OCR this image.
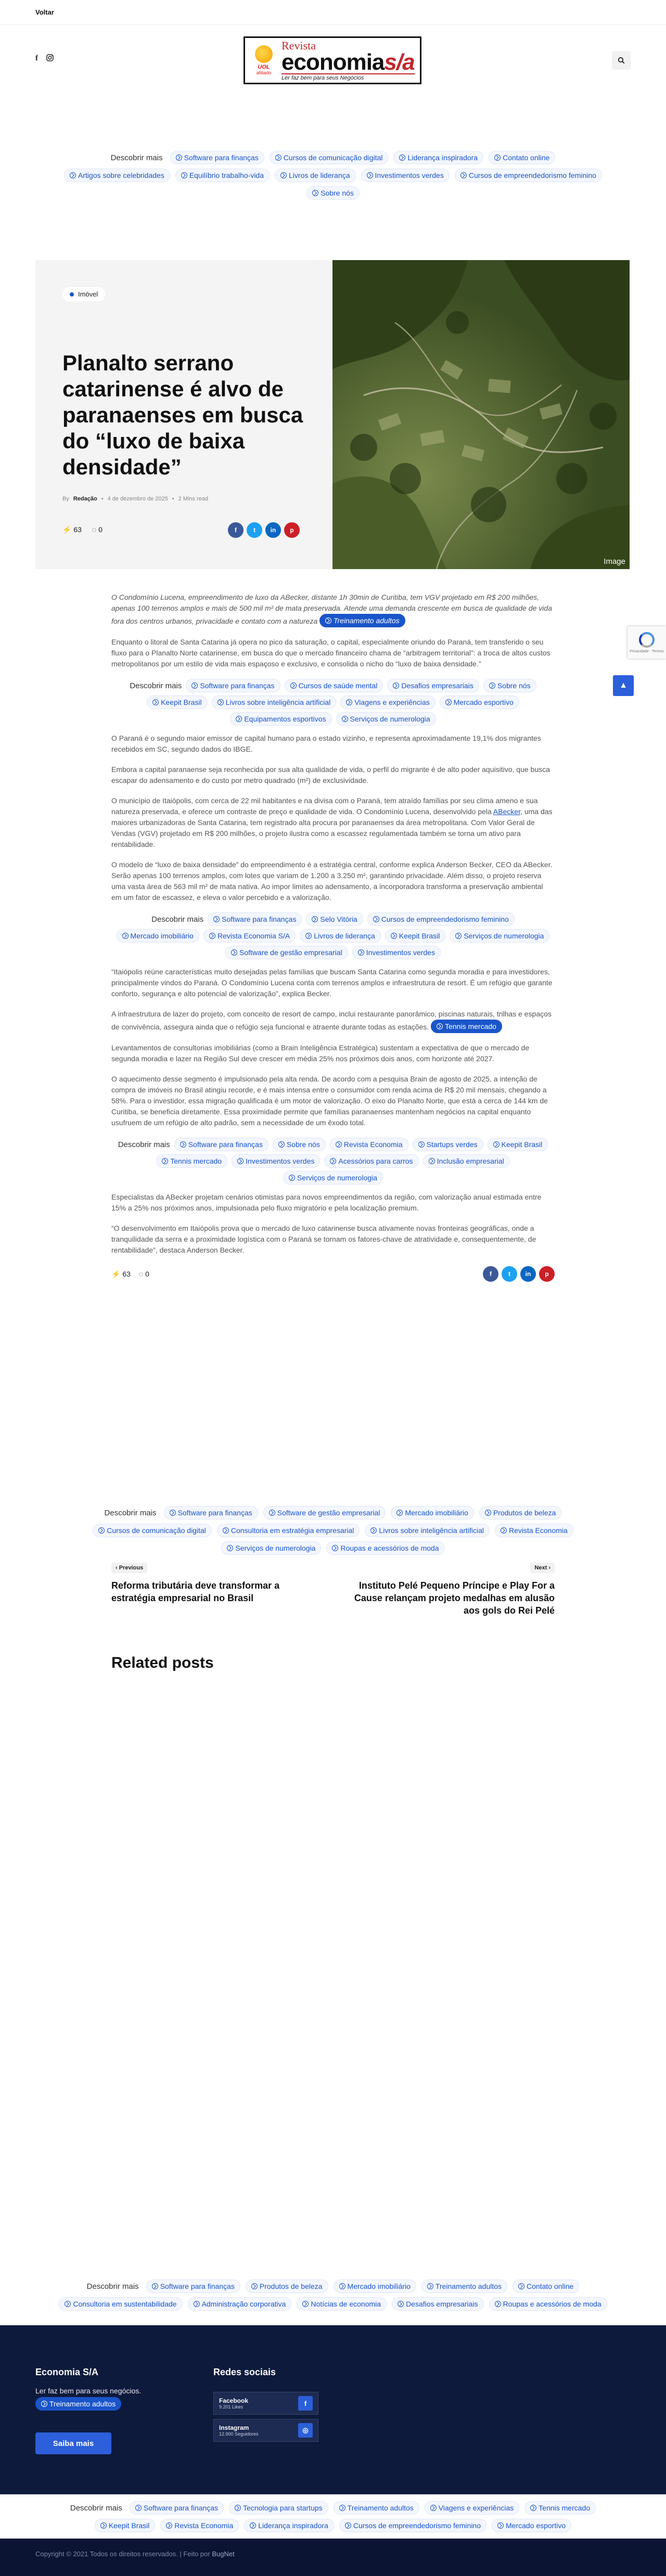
Voltar
f
UOL
afiliado
Revista
economias/a
Ler faz bem para seus Negócios
Descobrir mais	Software para finanças	Cursos de comunicação digital	Liderança inspiradora	Contato online
Artigos sobre celebridades	Equilíbrio trabalho-vida	Livros de liderança	Investimentos verdes	Cursos de empreendedorismo feminino
Sobre nós
Imóvel
Planalto serrano catarinense é alvo de paranaenses em busca do “luxo de baixa densidade”
By Redação • 4 de dezembro de 2025 • 2 Mins read
⚡ 63 ◌ 0	f	t	in	p
Image
Privacidade - Termos
▲

O Condomínio Lucena, empreendimento de luxo da ABecker, distante 1h 30min de Curitiba, tem VGV projetado em R$ 200 milhões, apenas 100 terrenos amplos e mais de 500 mil m² de mata preservada. Atende uma demanda crescente em busca de qualidade de vida fora dos centros urbanos, privacidade e contato com a natureza Treinamento adultos

Enquanto o litoral de Santa Catarina já opera no pico da saturação, o capital, especialmente oriundo do Paraná, tem transferido o seu fluxo para o Planalto Norte catarinense, em busca do que o mercado financeiro chama de “arbitragem territorial”: a troca de altos custos metropolitanos por um estilo de vida mais espaçoso e exclusivo, e consolida o nicho do “luxo de baixa densidade.”

Descobrir mais	Software para finanças	Cursos de saúde mental	Desafios empresariais	Sobre nós
Keepit Brasil	Livros sobre inteligência artificial	Viagens e experiências	Mercado esportivo
Equipamentos esportivos	Serviços de numerologia

O Paraná é o segundo maior emissor de capital humano para o estado vizinho, e representa aproximadamente 19,1% dos migrantes recebidos em SC, segundo dados do IBGE.

Embora a capital paranaense seja reconhecida por sua alta qualidade de vida, o perfil do migrante é de alto poder aquisitivo, que busca escapar do adensamento e do custo por metro quadrado (m²) de exclusividade.

O município de Itaiópolis, com cerca de 22 mil habitantes e na divisa com o Paraná, tem atraído famílias por seu clima ameno e sua natureza preservada, e oferece um contraste de preço e qualidade de vida. O Condomínio Lucena, desenvolvido pela ABecker, uma das maiores urbanizadoras de Santa Catarina, tem registrado alta procura por paranaenses da área metropolitana. Com Valor Geral de Vendas (VGV) projetado em R$ 200 milhões, o projeto ilustra como a escassez regulamentada também se torna um ativo para rentabilidade.

O modelo de “luxo de baixa densidade” do empreendimento é a estratégia central, conforme explica Anderson Becker, CEO da ABecker. Serão apenas 100 terrenos amplos, com lotes que variam de 1.200 a 3.250 m², garantindo privacidade. Além disso, o projeto reserva uma vasta área de 563 mil m² de mata nativa. Ao impor limites ao adensamento, a incorporadora transforma a preservação ambiental em um fator de escassez, e eleva o valor percebido e a valorização.

Descobrir mais	Software para finanças	Selo Vitória	Cursos de empreendedorismo feminino
Mercado imobiliário	Revista Economia S/A	Livros de liderança	Keepit Brasil	Serviços de numerologia
Software de gestão empresarial	Investimentos verdes

“Itaiópolis reúne características muito desejadas pelas famílias que buscam Santa Catarina como segunda moradia e para investidores, principalmente vindos do Paraná. O Condomínio Lucena conta com terrenos amplos e infraestrutura de resort. É um refúgio que garante conforto, segurança e alto potencial de valorização”, explica Becker.

A infraestrutura de lazer do projeto, com conceito de resort de campo, inclui restaurante panorâmico, piscinas naturais, trilhas e espaços de convivência, assegura ainda que o refúgio seja funcional e atraente durante todas as estações. Tennis mercado

Levantamentos de consultorias imobiliárias (como a Brain Inteligência Estratégica) sustentam a expectativa de que o mercado de segunda moradia e lazer na Região Sul deve crescer em média 25% nos próximos dois anos, com horizonte até 2027.

O aquecimento desse segmento é impulsionado pela alta renda. De acordo com a pesquisa Brain de agosto de 2025, a intenção de compra de imóveis no Brasil atingiu recorde, e é mais intensa entre o consumidor com renda acima de R$ 20 mil mensais, chegando a 58%. Para o investidor, essa migração qualificada é um motor de valorização. O eixo do Planalto Norte, que está a cerca de 144 km de Curitiba, se beneficia diretamente. Essa proximidade permite que famílias paranaenses mantenham negócios na capital enquanto usufruem de um refúgio de alto padrão, sem a necessidade de um êxodo total.

Descobrir mais	Software para finanças	Sobre nós	Revista Economia	Startups verdes	Keepit Brasil
Tennis mercado	Investimentos verdes	Acessórios para carros	Inclusão empresarial
Serviços de numerologia

Especialistas da ABecker projetam cenários otimistas para novos empreendimentos da região, com valorização anual estimada entre 15% a 25% nos próximos anos, impulsionada pelo fluxo migratório e pela localização premium.

“O desenvolvimento em Itaiópolis prova que o mercado de luxo catarinense busca ativamente novas fronteiras geográficas, onde a tranquilidade da serra e a proximidade logística com o Paraná se tornam os fatores-chave de atratividade e, consequentemente, de rentabilidade”, destaca Anderson Becker.

⚡ 63 ◌ 0	f	t	in	p
Descobrir mais	Software para finanças	Software de gestão empresarial	Mercado imobiliário	Produtos de beleza
Cursos de comunicação digital	Consultoria em estratégia empresarial	Livros sobre inteligência artificial	Revista Economia
Serviços de numerologia	Roupas e acessórios de moda
‹ Previous
Reforma tributária deve transformar a estratégia empresarial no Brasil
Next ›
Instituto Pelé Pequeno Príncipe e Play For a Cause relançam projeto medalhas em alusão aos gols do Rei Pelé
Related posts
Descobrir mais	Software para finanças	Produtos de beleza	Mercado imobiliário	Treinamento adultos	Contato online
Consultoria em sustentabilidade	Administração corporativa	Notícias de economia	Desafios empresariais	Roupas e acessórios de moda
Economia S/A
Ler faz bem para seus negócios.
Treinamento adultos
Saiba mais
Redes sociais
Facebook
9.201 Likes	f
Instagram
12.900 Seguidores	◎
Descobrir mais	Software para finanças	Tecnologia para startups	Treinamento adultos	Viagens e experiências	Tennis mercado
Keepit Brasil	Revista Economia	Liderança inspiradora	Cursos de empreendedorismo feminino	Mercado esportivo
Copyright © 2021 Todos os direitos reservados. | Feito por BugNet
